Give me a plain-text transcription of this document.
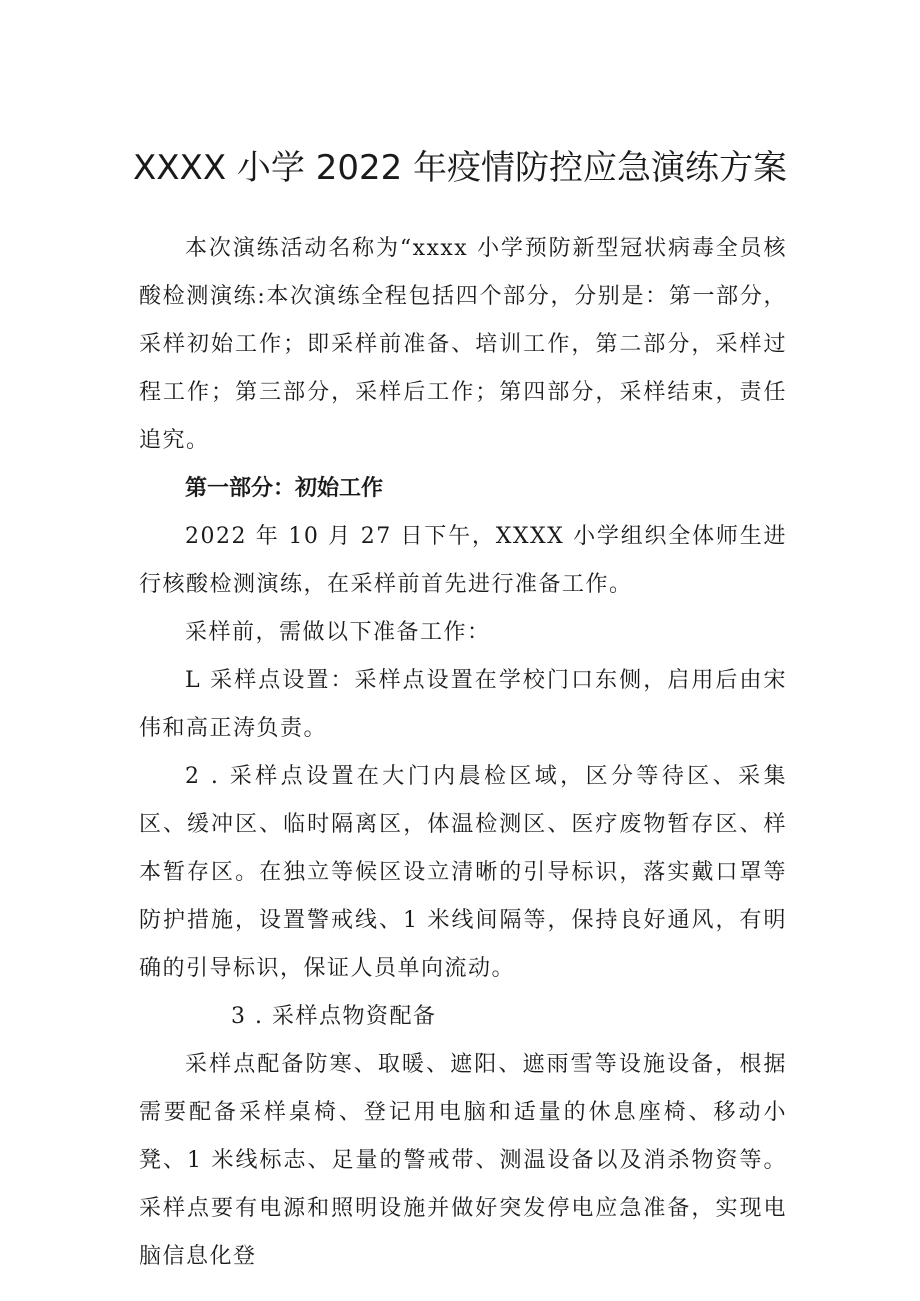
XXXX 小学 2022 年疫情防控应急演练方案

本次演练活动名称为“xxxx 小学预防新型冠状病毒全员核酸检测演练:本次演练全程包括四个部分，分别是：第一部分，采样初始工作；即采样前准备、培训工作，第二部分，采样过程工作；第三部分，采样后工作；第四部分，采样结束，责任追究。

第一部分：初始工作

2022 年 10 月 27 日下午，XXXX 小学组织全体师生进行核酸检测演练，在采样前首先进行准备工作。

采样前，需做以下准备工作：

L 采样点设置：采样点设置在学校门口东侧，启用后由宋伟和高正涛负责。

2 . 采样点设置在大门内晨检区域，区分等待区、采集区、缓冲区、临时隔离区，体温检测区、医疗废物暂存区、样本暂存区。在独立等候区设立清晰的引导标识，落实戴口罩等防护措施，设置警戒线、1 米线间隔等，保持良好通风，有明确的引导标识，保证人员单向流动。

3 . 采样点物资配备

采样点配备防寒、取暖、遮阳、遮雨雪等设施设备，根据需要配备采样桌椅、登记用电脑和适量的休息座椅、移动小凳、1 米线标志、足量的警戒带、测温设备以及消杀物资等。采样点要有电源和照明设施并做好突发停电应急准备，实现电脑信息化登
